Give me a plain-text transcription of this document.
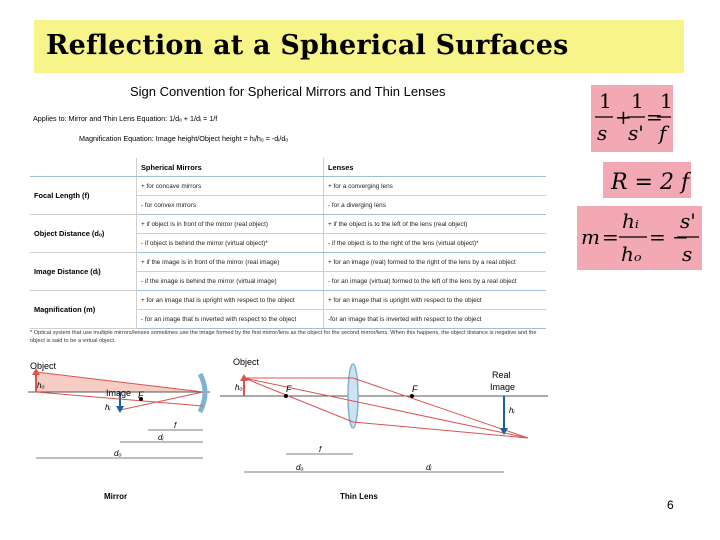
Reflection at a Spherical Surfaces
Sign Convention for Spherical Mirrors and Thin Lenses
Applies to: Mirror and Thin Lens Equation: 1/dₒ + 1/dᵢ = 1/f
Magnification Equation: Image height/Object height = hᵢ/hₒ = -dᵢ/dₒ
	Spherical Mirrors	Lenses
Focal Length (f)	+ for concave mirrors	+ for a converging lens
	- for convex mirrors	- for a diverging lens
Object Distance (dₒ)	+ if object is in front of the mirror (real object)	+ if the object is to the left of the lens (real object)
	- if object is behind the mirror (virtual object)*	- if the object is to the right of the lens (virtual object)*
Image Distance (dᵢ)	+ if the image is in front of the mirror (real image)	+ for an image (real) formed to the right of the lens by a real object
	- if the image is behind the mirror (virtual image)	- for an image (virtual) formed to the left of the lens by a real object
Magnification (m)	+ for an image that is upright with respect to the object	+ for an image that is upright with respect to the object
	- for an image that is inverted with respect to the object	-for an image that is inverted with respect to the object
* Optical system that use multiple mirrors/lenses sometimes use the image formed by the first mirror/lens as the object for the second mirror/lens. When this happens, the object distance is negative and the object is said to be a virtual object.
1
s
+
1
s'
=
1
f
R = 2 f
m =
hᵢ
hₒ
= −
s'
s
Object
hₒ
Image
hᵢ
F
f
dᵢ
dₒ
Mirror
Object
hₒ	F	F
Real
Image
hᵢ
f
dₒ	dᵢ
Thin Lens
6
